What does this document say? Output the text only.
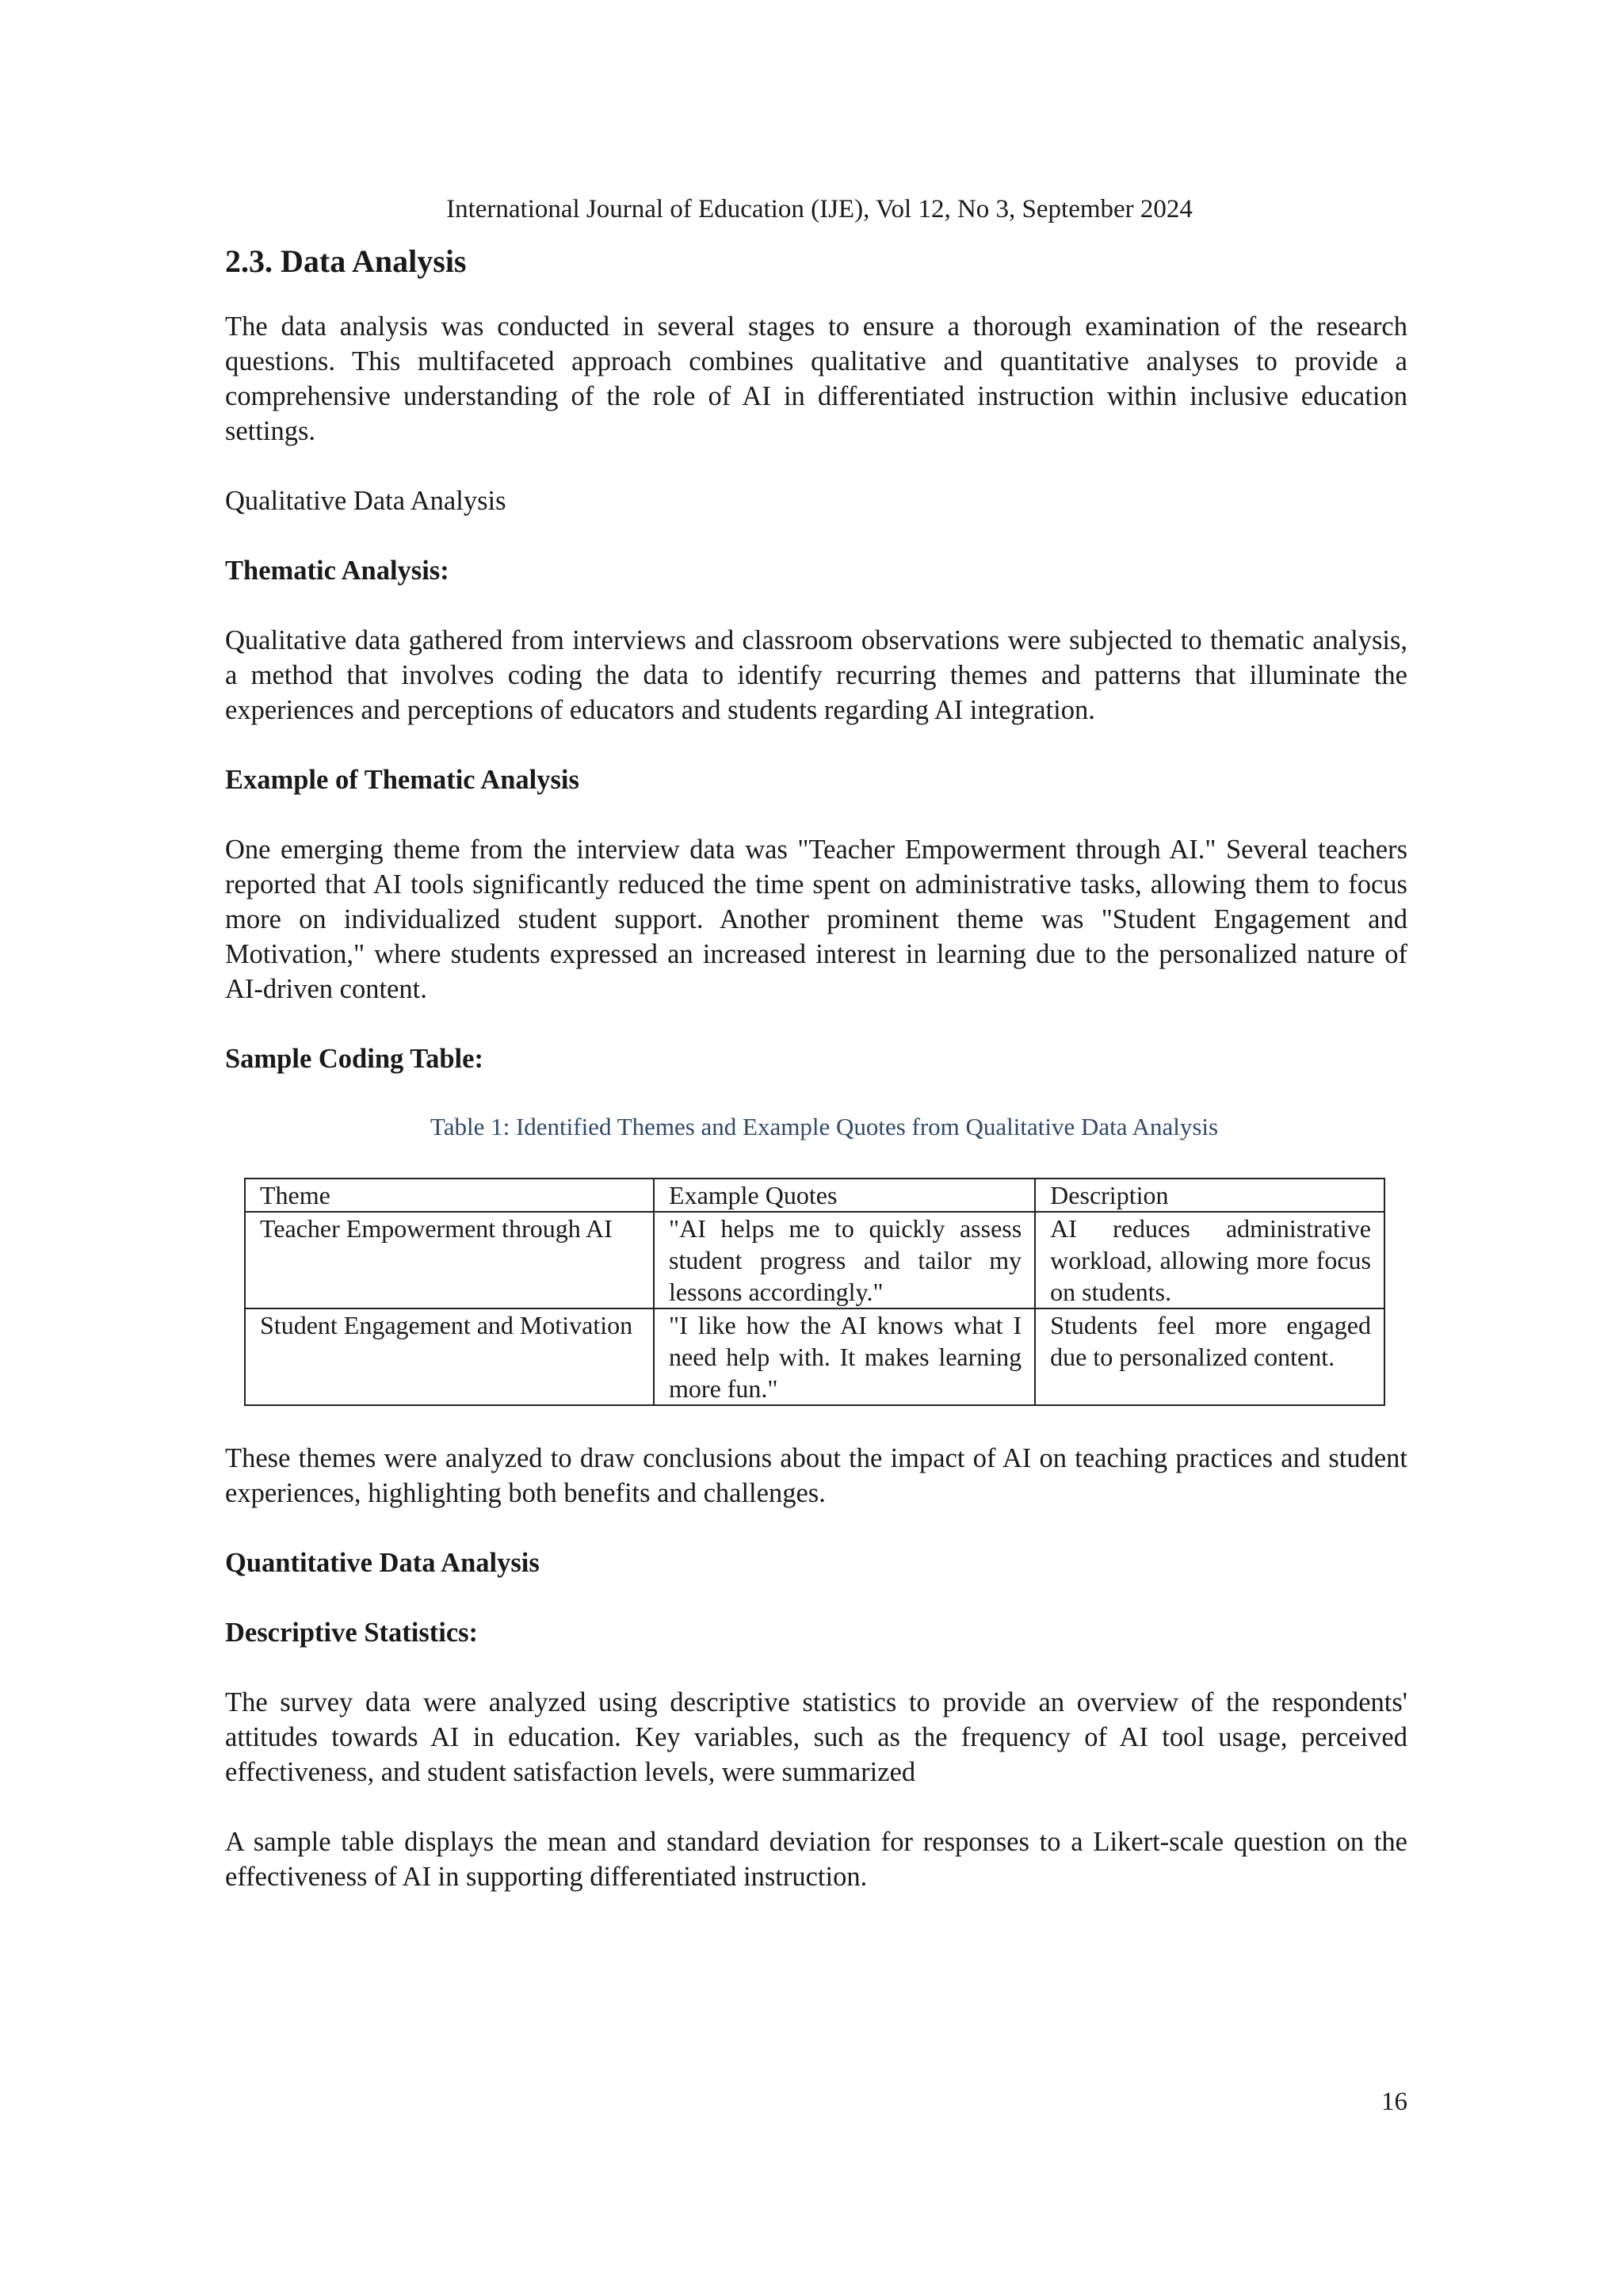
International Journal of Education (IJE), Vol 12, No 3, September 2024
2.3. Data Analysis

The data analysis was conducted in several stages to ensure a thorough examination of the research questions. This multifaceted approach combines qualitative and quantitative analyses to provide a comprehensive understanding of the role of AI in differentiated instruction within inclusive education settings.

Qualitative Data Analysis
Thematic Analysis:

Qualitative data gathered from interviews and classroom observations were subjected to thematic analysis, a method that involves coding the data to identify recurring themes and patterns that illuminate the experiences and perceptions of educators and students regarding AI integration.

Example of Thematic Analysis

One emerging theme from the interview data was "Teacher Empowerment through AI." Several teachers reported that AI tools significantly reduced the time spent on administrative tasks, allowing them to focus more on individualized student support. Another prominent theme was "Student Engagement and Motivation," where students expressed an increased interest in learning due to the personalized nature of AI-driven content.

Sample Coding Table:
Table 1: Identified Themes and Example Quotes from Qualitative Data Analysis
Theme	Example Quotes	Description
Teacher Empowerment through AI	"AI helps me to quickly assess student progress and tailor my lessons accordingly."	AI reduces administrative workload, allowing more focus on students.
Student Engagement and Motivation	"I like how the AI knows what I need help with. It makes learning more fun."	Students feel more engaged due to personalized content.

These themes were analyzed to draw conclusions about the impact of AI on teaching practices and student experiences, highlighting both benefits and challenges.

Quantitative Data Analysis
Descriptive Statistics:

The survey data were analyzed using descriptive statistics to provide an overview of the respondents' attitudes towards AI in education. Key variables, such as the frequency of AI tool usage, perceived effectiveness, and student satisfaction levels, were summarized

A sample table displays the mean and standard deviation for responses to a Likert-scale question on the effectiveness of AI in supporting differentiated instruction.

16
